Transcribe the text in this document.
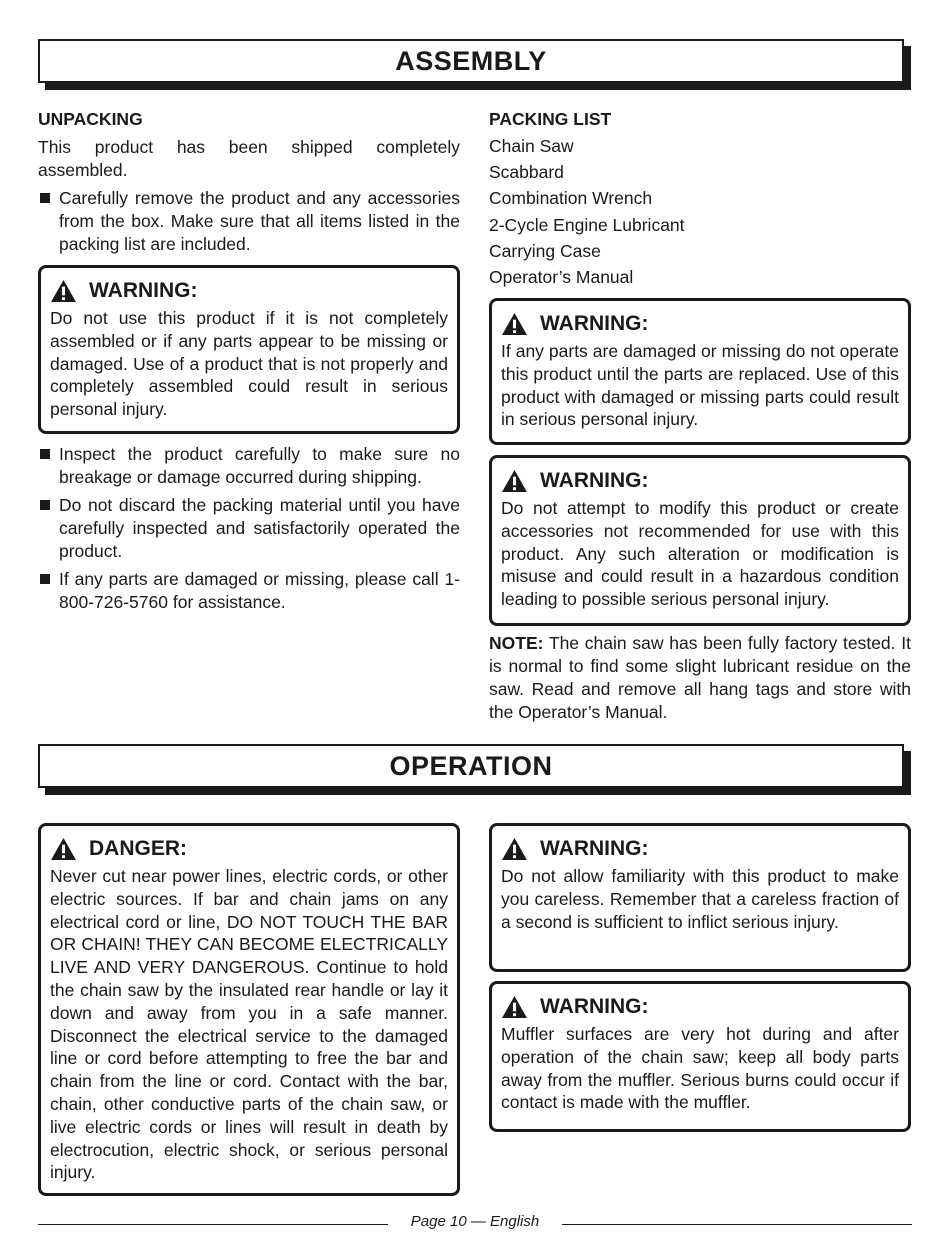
ASSEMBLY
UNPACKING

This product has been shipped completely assembled.

Carefully remove the product and any accessories from the box. Make sure that all items listed in the packing list are included.
WARNING:
Do not use this product if it is not completely assembled or if any parts appear to be missing or damaged. Use of a product that is not properly and completely assembled could result in serious personal injury.
Inspect the product carefully to make sure no breakage or damage occurred during shipping.
Do not discard the packing material until you have carefully inspected and satisfactorily operated the product.
If any parts are damaged or missing, please call 1-800-726-5760 for assistance.
PACKING LIST
Chain Saw
Scabbard
Combination Wrench
2-Cycle Engine Lubricant
Carrying Case
Operator’s Manual
WARNING:
If any parts are damaged or missing do not operate this product until the parts are replaced. Use of this product with damaged or missing parts could result in serious personal injury.
WARNING:
Do not attempt to modify this product or create accessories not recommended for use with this product. Any such alteration or modification is misuse and could result in a hazardous condition leading to possible serious personal injury.

NOTE: The chain saw has been fully factory tested. It is normal to find some slight lubricant residue on the saw. Read and remove all hang tags and store with the Operator’s Manual.

OPERATION
DANGER:
Never cut near power lines, electric cords, or other electric sources. If bar and chain jams on any electrical cord or line, DO NOT TOUCH THE BAR OR CHAIN! THEY CAN BECOME ELECTRICALLY LIVE AND VERY DANGEROUS. Continue to hold the chain saw by the insulated rear handle or lay it down and away from you in a safe manner. Disconnect the electrical service to the damaged line or cord before attempting to free the bar and chain from the line or cord. Contact with the bar, chain, other conductive parts of the chain saw, or live electric cords or lines will result in death by electrocution, electric shock, or serious personal injury.
WARNING:
Do not allow familiarity with this product to make you careless. Remember that a careless fraction of a second is sufficient to inflict serious injury.
WARNING:
Muffler surfaces are very hot during and after operation of the chain saw; keep all body parts away from the muffler. Serious burns could occur if contact is made with the muffler.
Page 10 — English
